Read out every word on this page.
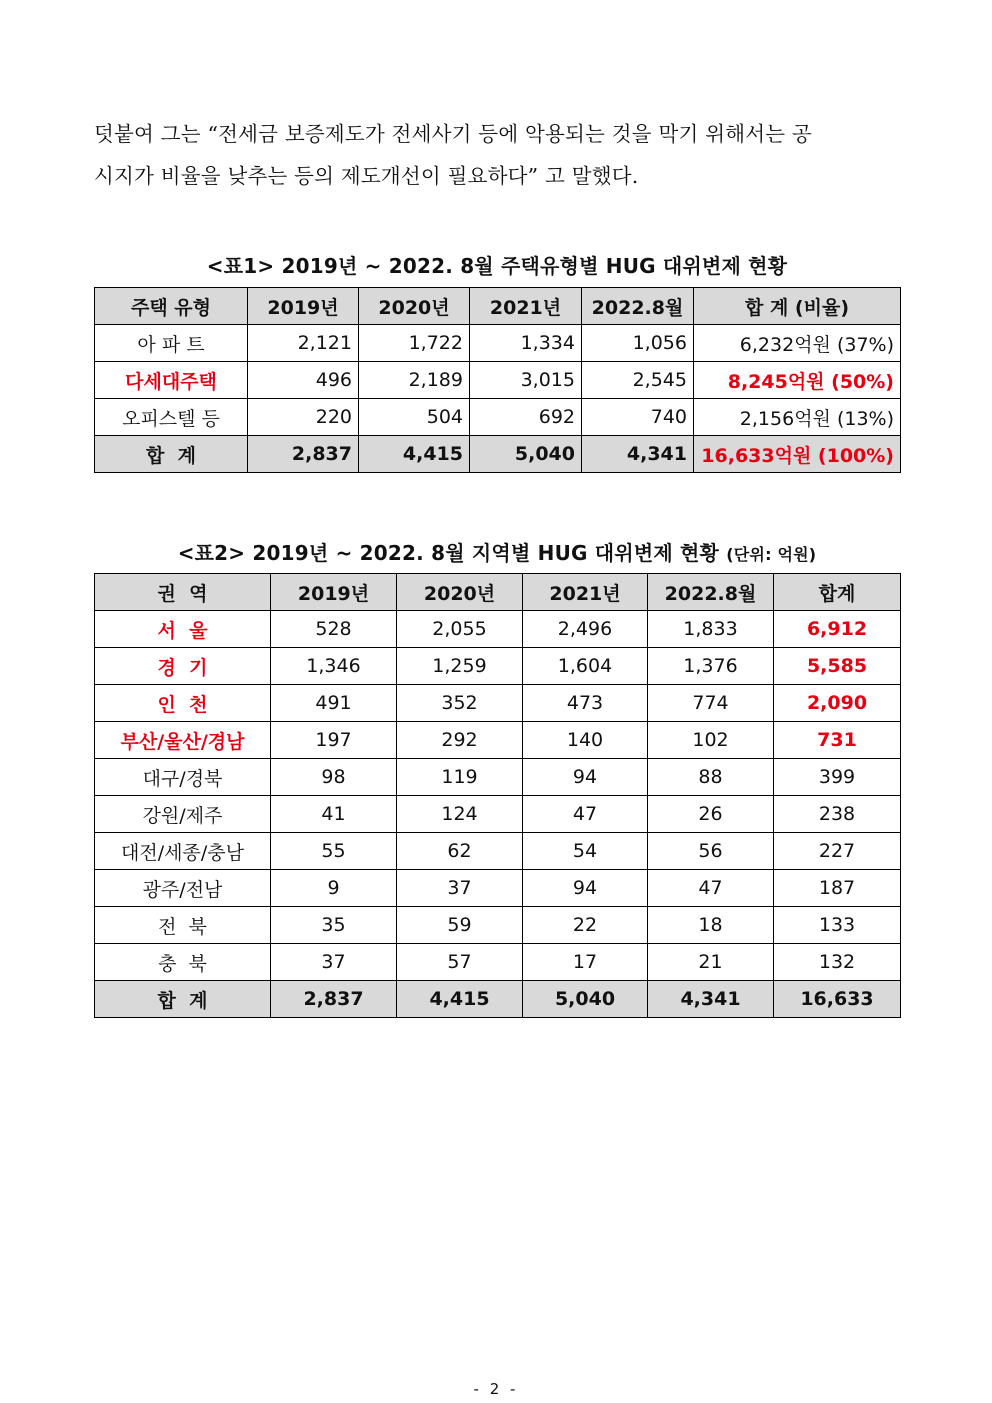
덧붙여 그는 “전세금 보증제도가 전세사기 등에 악용되는 것을 막기 위해서는 공

시지가 비율을 낮추는 등의 제도개선이 필요하다” 고 말했다.

<표1> 2019년 ~ 2022. 8월 주택유형별 HUG 대위변제 현황
주택 유형	2019년	2020년	2021년	2022.8월	합 계 (비율)
아 파 트	2,121	1,722	1,334	1,056	6,232억원 (37%)
다세대주택	496	2,189	3,015	2,545	8,245억원 (50%)
오피스텔 등	220	504	692	740	2,156억원 (13%)
합  계	2,837	4,415	5,040	4,341	16,633억원 (100%)
<표2> 2019년 ~ 2022. 8월 지역별 HUG 대위변제 현황 (단위: 억원)
권  역	2019년	2020년	2021년	2022.8월	합계
서  울	528	2,055	2,496	1,833	6,912
경  기	1,346	1,259	1,604	1,376	5,585
인  천	491	352	473	774	2,090
부산/울산/경남	197	292	140	102	731
대구/경북	98	119	94	88	399
강원/제주	41	124	47	26	238
대전/세종/충남	55	62	54	56	227
광주/전남	9	37	94	47	187
전  북	35	59	22	18	133
충  북	37	57	17	21	132
합  계	2,837	4,415	5,040	4,341	16,633
- 2 -
